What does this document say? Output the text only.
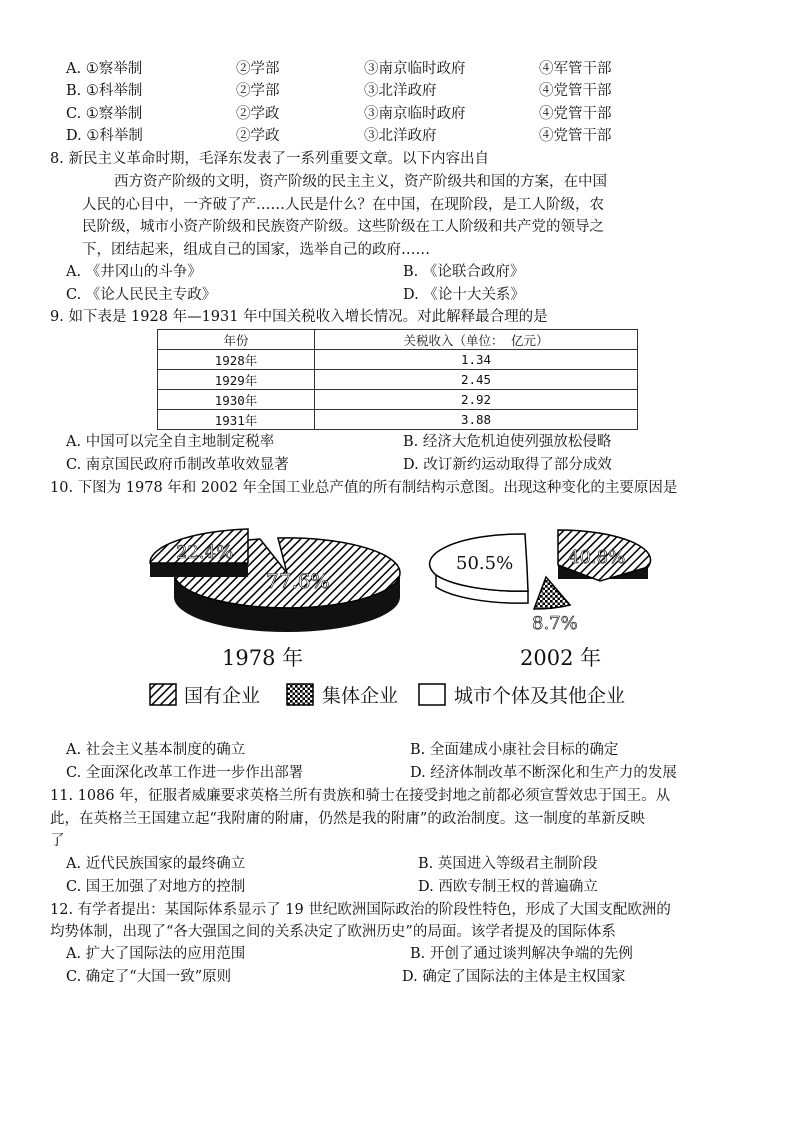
A. ①察举制	②学部	③南京临时政府	④军管干部
B. ①科举制	②学部	③北洋政府	④党管干部
C. ①察举制	②学政	③南京临时政府	④党管干部
D. ①科举制	②学政	③北洋政府	④党管干部
8. 新民主义革命时期，毛泽东发表了一系列重要文章。以下内容出自
西方资产阶级的文明，资产阶级的民主主义，资产阶级共和国的方案，在中国
人民的心目中，一齐破了产……人民是什么？在中国，在现阶段，是工人阶级，农
民阶级，城市小资产阶级和民族资产阶级。这些阶级在工人阶级和共产党的领导之
下，团结起来，组成自己的国家，选举自己的政府……
A. 《井冈山的斗争》	B. 《论联合政府》
C. 《论人民民主专政》	D. 《论十大关系》
9. 如下表是 1928 年—1931 年中国关税收入增长情况。对此解释最合理的是
年份	关税收入（单位： 亿元）
1928年	1.34
1929年	2.45
1930年	2.92
1931年	3.88
A. 中国可以完全自主地制定税率	B. 经济大危机迫使列强放松侵略
C. 南京国民政府币制改革收效显著	D. 改订新约运动取得了部分成效
10. 下图为 1978 年和 2002 年全国工业总产值的所有制结构示意图。出现这种变化的主要原因是
22.4%
77.6%
1978 年
50.5%	40.8%
8.7%
2002 年
国有企业	集体企业	城市个体及其他企业
A. 社会主义基本制度的确立	B. 全面建成小康社会目标的确定
C. 全面深化改革工作进一步作出部署	D. 经济体制改革不断深化和生产力的发展
11. 1086 年，征服者威廉要求英格兰所有贵族和骑士在接受封地之前都必须宣誓效忠于国王。从
此，在英格兰王国建立起“我附庸的附庸，仍然是我的附庸”的政治制度。这一制度的革新反映
了
A. 近代民族国家的最终确立	B. 英国进入等级君主制阶段
C. 国王加强了对地方的控制	D. 西欧专制王权的普遍确立
12. 有学者提出：某国际体系显示了 19 世纪欧洲国际政治的阶段性特色，形成了大国支配欧洲的
均势体制，出现了“各大强国之间的关系决定了欧洲历史”的局面。该学者提及的国际体系
A. 扩大了国际法的应用范围	B. 开创了通过谈判解决争端的先例
C. 确定了“大国一致”原则	D. 确定了国际法的主体是主权国家
